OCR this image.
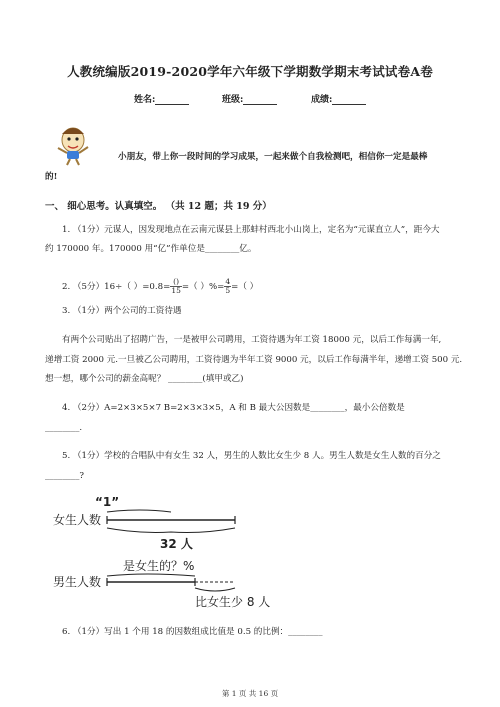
人教统编版2019-2020学年六年级下学期数学期末考试试卷A卷
姓名:	班级:	成绩:
小朋友，带上你一段时间的学习成果，一起来做个自我检测吧，相信你一定是最棒
的!
一、 细心思考。认真填空。 （共 12 题；共 19 分）
1. （1分）元谋人，因发现地点在云南元谋县上那蚌村西北小山岗上，定名为“元谋直立人”，距今大
约 170000 年。170000 用“亿”作单位是________亿。
2. （5分）16÷（ ）$=0.8= \frac{()}{15}$ =（ ）%= $\frac{4}{5}$ =（ ）
3. （1分）两个公司的工资待遇
有两个公司贴出了招聘广告，一是被甲公司聘用，工资待遇为年工资 18000 元，以后工作每满一年,
递增工资 2000 元.一旦被乙公司聘用，工资待遇为半年工资 9000 元，以后工作每满半年，递增工资 500 元.
想一想，哪个公司的薪金高呢？ ________(填甲或乙)
4. （2分）A=2×3×5×7 B=2×3×3×5，A 和 B 最大公因数是________，最小公倍数是
________.
5. （1分）学校的合唱队中有女生 32 人，男生的人数比女生少 8 人。男生人数是女生人数的百分之
________?
“1”
女生人数
32 人
是女生的？%
男生人数
比女生少 8 人
6. （1分）写出 1 个用 18 的因数组成比值是 0.5 的比例：________
第 1 页 共 16 页
